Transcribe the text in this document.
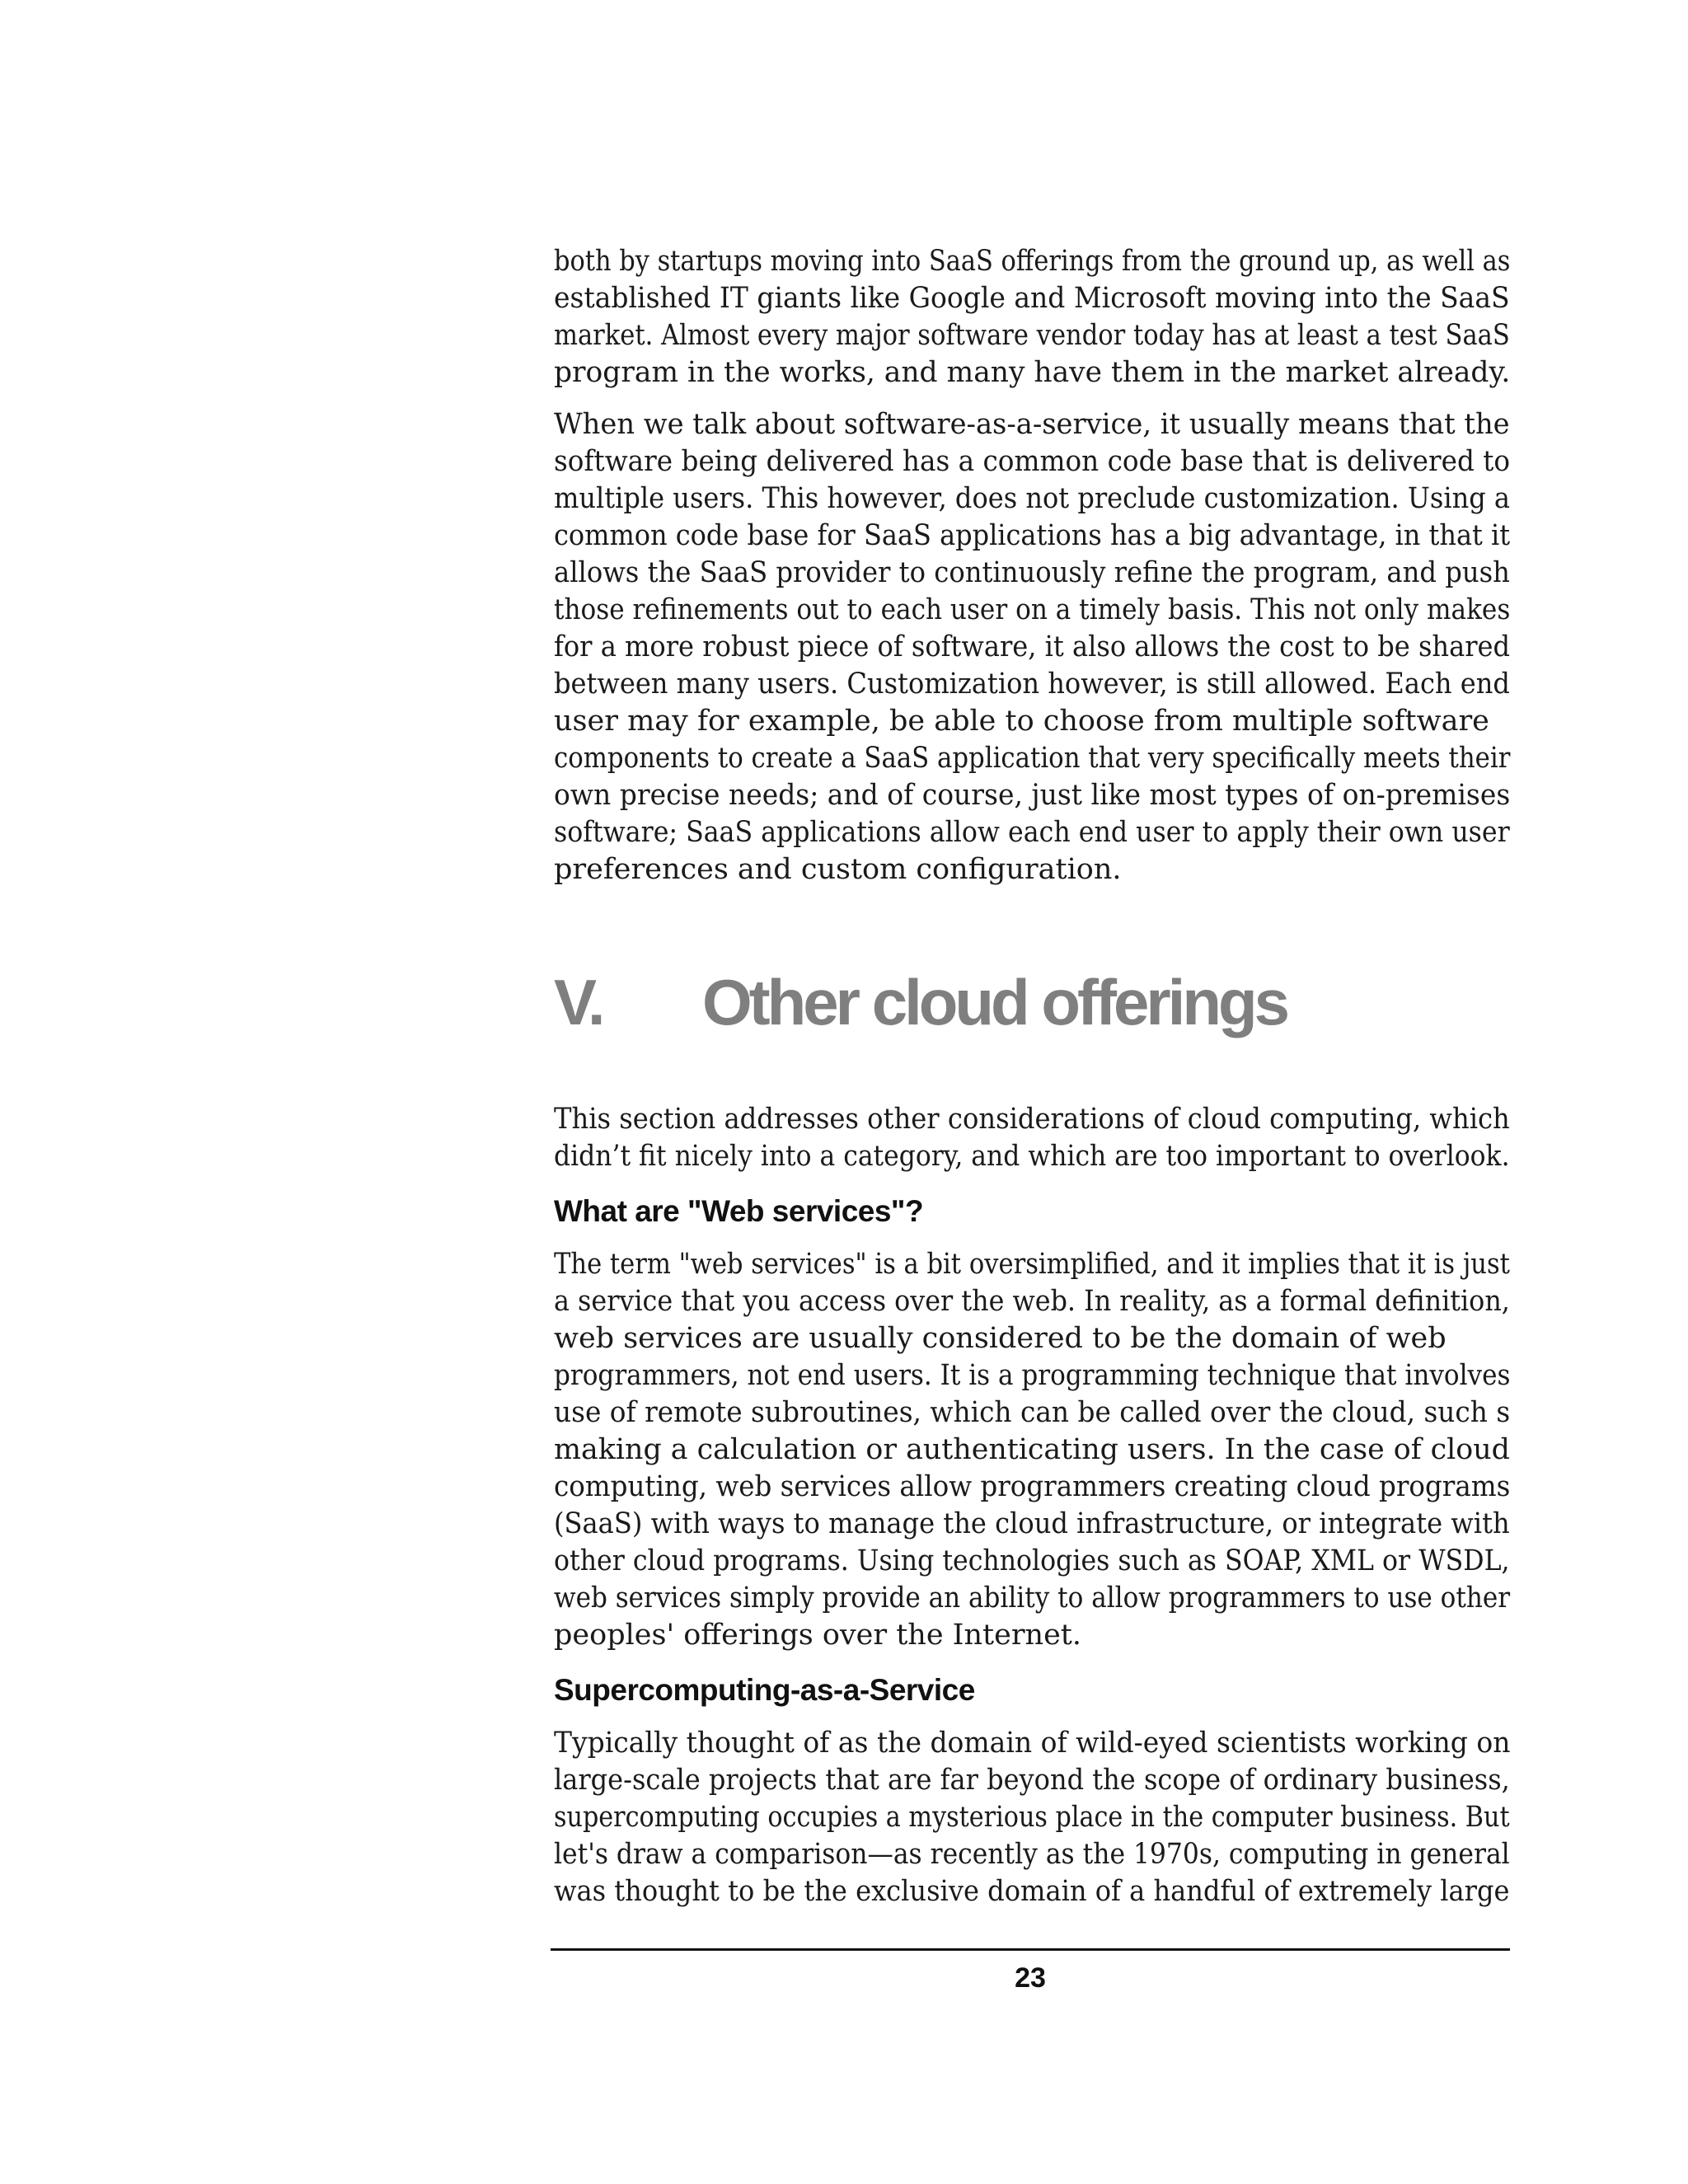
both by startups moving into SaaS offerings from the ground up, as well as
established IT giants like Google and Microsoft moving into the SaaS
market. Almost every major software vendor today has at least a test SaaS
program in the works, and many have them in the market already.

When we talk about software-as-a-service, it usually means that the
software being delivered has a common code base that is delivered to
multiple users. This however, does not preclude customization. Using a
common code base for SaaS applications has a big advantage, in that it
allows the SaaS provider to continuously refine the program, and push
those refinements out to each user on a timely basis. This not only makes
for a more robust piece of software, it also allows the cost to be shared
between many users. Customization however, is still allowed. Each end
user may for example, be able to choose from multiple software
components to create a SaaS application that very specifically meets their
own precise needs; and of course, just like most types of on-premises
software; SaaS applications allow each end user to apply their own user
preferences and custom configuration.

V.	Other cloud offerings

This section addresses other considerations of cloud computing, which
didn’t fit nicely into a category, and which are too important to overlook.

What are "Web services"?

The term "web services" is a bit oversimplified, and it implies that it is just
a service that you access over the web. In reality, as a formal definition,
web services are usually considered to be the domain of web
programmers, not end users. It is a programming technique that involves
use of remote subroutines, which can be called over the cloud, such s
making a calculation or authenticating users. In the case of cloud
computing, web services allow programmers creating cloud programs
(SaaS) with ways to manage the cloud infrastructure, or integrate with
other cloud programs. Using technologies such as SOAP, XML or WSDL,
web services simply provide an ability to allow programmers to use other
peoples' offerings over the Internet.

Supercomputing-as-a-Service

Typically thought of as the domain of wild-eyed scientists working on
large-scale projects that are far beyond the scope of ordinary business,
supercomputing occupies a mysterious place in the computer business. But
let's draw a comparison—as recently as the 1970s, computing in general
was thought to be the exclusive domain of a handful of extremely large

23
